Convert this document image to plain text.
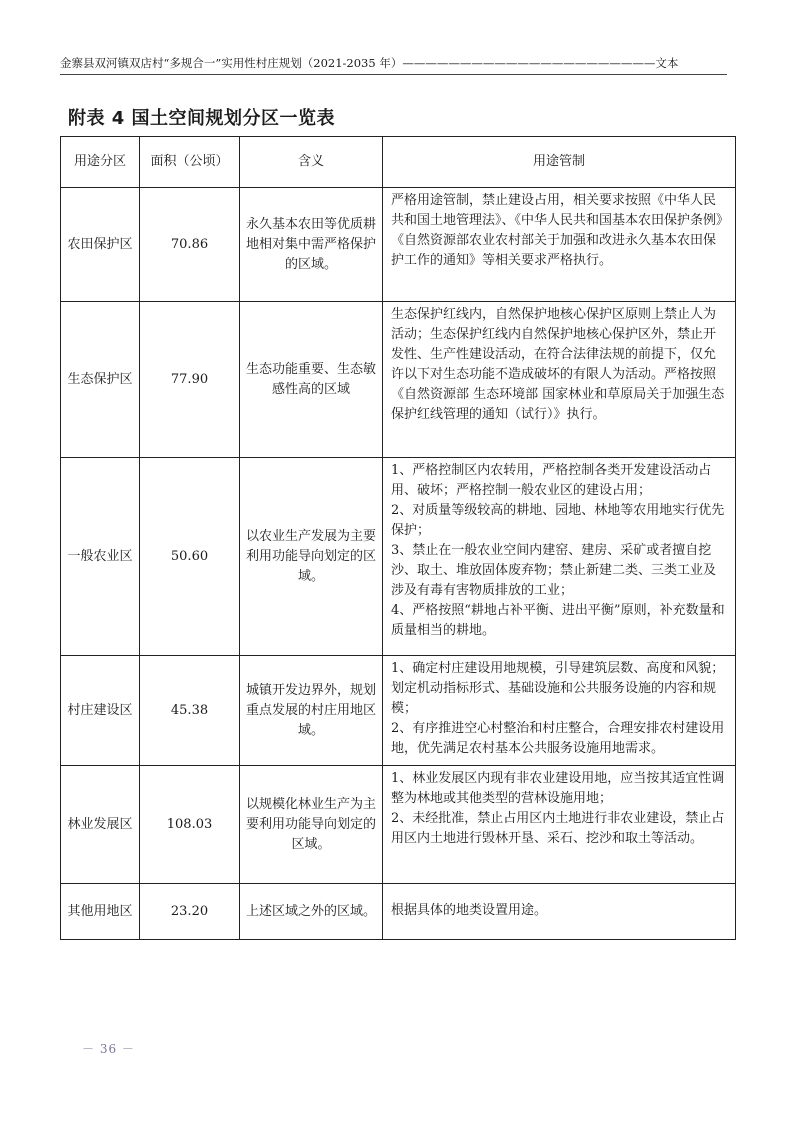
金寨县双河镇双店村“多规合一”实用性村庄规划（2021-2035 年）——————————————————————文本
附表 4 国土空间规划分区一览表
用途分区	面积（公顷）	含义	用途管制
农田保护区	70.86	永久基本农田等优质耕地相对集中需严格保护的区域。	严格用途管制，禁止建设占用，相关要求按照《中华人民共和国土地管理法》、《中华人民共和国基本农田保护条例》《自然资源部农业农村部关于加强和改进永久基本农田保护工作的通知》等相关要求严格执行。

生态保护区	77.90	生态功能重要、生态敏感性高的区域	生态保护红线内，自然保护地核心保护区原则上禁止人为活动；生态保护红线内自然保护地核心保护区外，禁止开发性、生产性建设活动，在符合法律法规的前提下，仅允许以下对生态功能不造成破坏的有限人为活动。严格按照《自然资源部 生态环境部 国家林业和草原局关于加强生态保护红线管理的通知（试行）》执行。

一般农业区	50.60	以农业生产发展为主要利用功能导向划定的区域。	1、严格控制区内农转用，严格控制各类开发建设活动占用、破坏；严格控制一般农业区的建设占用；
2、对质量等级较高的耕地、园地、林地等农用地实行优先保护；
3、禁止在一般农业空间内建窑、建房、采矿或者擅自挖沙、取土、堆放固体废弃物；禁止新建二类、三类工业及涉及有毒有害物质排放的工业；
4、严格按照“耕地占补平衡、进出平衡”原则，补充数量和质量相当的耕地。

村庄建设区	45.38	城镇开发边界外，规划重点发展的村庄用地区域。	1、确定村庄建设用地规模，引导建筑层数、高度和风貌；划定机动指标形式、基础设施和公共服务设施的内容和规模；
2、有序推进空心村整治和村庄整合，合理安排农村建设用地，优先满足农村基本公共服务设施用地需求。

林业发展区	108.03	以规模化林业生产为主要利用功能导向划定的区域。	1、林业发展区内现有非农业建设用地，应当按其适宜性调整为林地或其他类型的营林设施用地；
2、未经批准，禁止占用区内土地进行非农业建设，禁止占用区内土地进行毁林开垦、采石、挖沙和取土等活动。

其他用地区	23.20	上述区域之外的区域。	根据具体的地类设置用途。
－ 36 －
